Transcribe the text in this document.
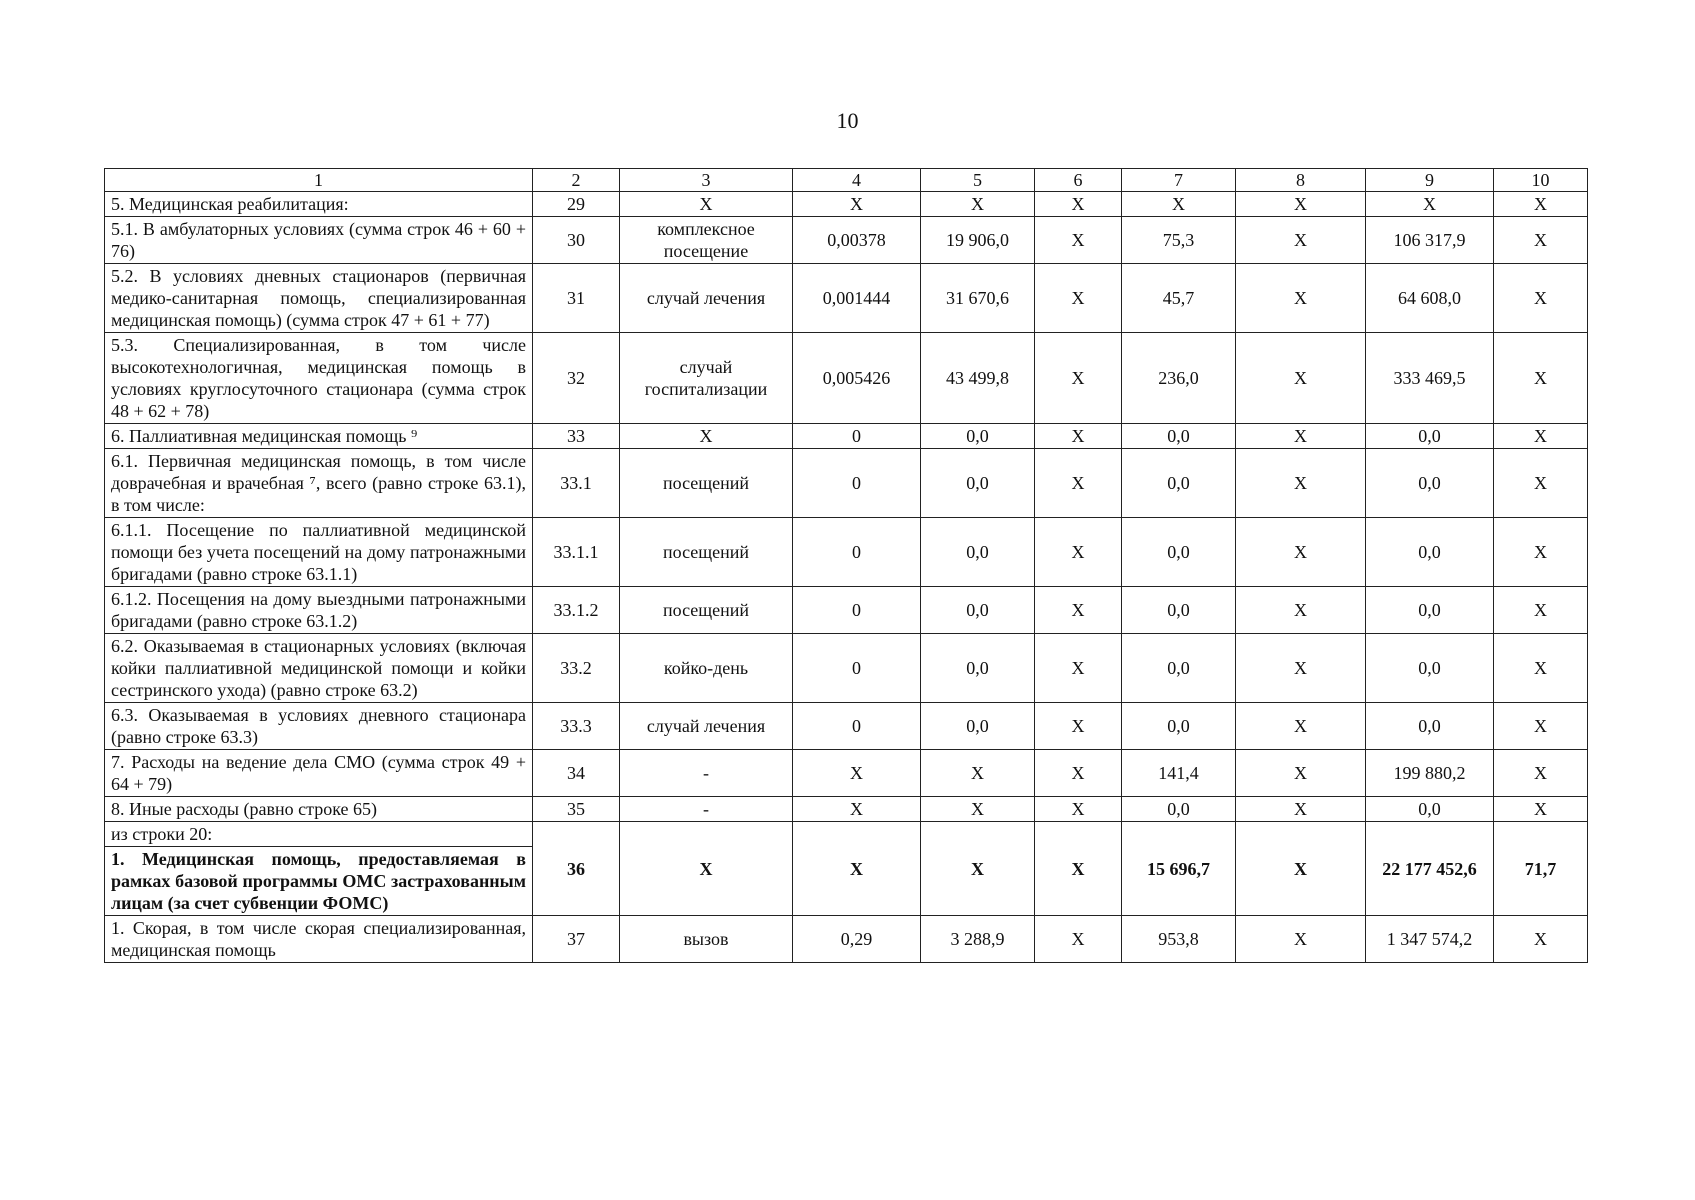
10
1	2	3	4	5	6	7	8	9	10
5. Медицинская реабилитация:	29	X	X	X	X	X	X	X	X
5.1. В амбулаторных условиях (сумма строк 46 + 60 + 76)	30	комплексное посещение	0,00378	19 906,0	X	75,3	X	106 317,9	X
5.2. В условиях дневных стационаров (первичная медико-санитарная помощь, специализированная медицинская помощь) (сумма строк 47 + 61 + 77)	31	случай лечения	0,001444	31 670,6	X	45,7	X	64 608,0	X
5.3. Специализированная, в том числе высокотехнологичная, медицинская помощь в условиях круглосуточного стационара (сумма строк 48 + 62 + 78)	32	случай госпитализации	0,005426	43 499,8	X	236,0	X	333 469,5	X
6. Паллиативная медицинская помощь ⁹	33	X	0	0,0	X	0,0	X	0,0	X
6.1. Первичная медицинская помощь, в том числе доврачебная и врачебная ⁷, всего (равно строке 63.1), в том числе:	33.1	посещений	0	0,0	X	0,0	X	0,0	X
6.1.1. Посещение по паллиативной медицинской помощи без учета посещений на дому патронажными бригадами (равно строке 63.1.1)	33.1.1	посещений	0	0,0	X	0,0	X	0,0	X
6.1.2. Посещения на дому выездными патронажными бригадами (равно строке 63.1.2)	33.1.2	посещений	0	0,0	X	0,0	X	0,0	X
6.2. Оказываемая в стационарных условиях (включая койки паллиативной медицинской помощи и койки сестринского ухода) (равно строке 63.2)	33.2	койко-день	0	0,0	X	0,0	X	0,0	X
6.3. Оказываемая в условиях дневного стационара (равно строке 63.3)	33.3	случай лечения	0	0,0	X	0,0	X	0,0	X
7. Расходы на ведение дела СМО (сумма строк 49 + 64 + 79)	34	-	X	X	X	141,4	X	199 880,2	X
8. Иные расходы (равно строке 65)	35	-	X	X	X	0,0	X	0,0	X

из строки 20:
1. Медицинская помощь, предоставляемая в рамках базовой программы ОМС застрахованным лицам (за счет субвенции ФОМС)	36	X	X	X	X	15 696,7	X	22 177 452,6	71,7
1. Скорая, в том числе скорая специализированная, медицинская помощь	37	вызов	0,29	3 288,9	X	953,8	X	1 347 574,2	X
